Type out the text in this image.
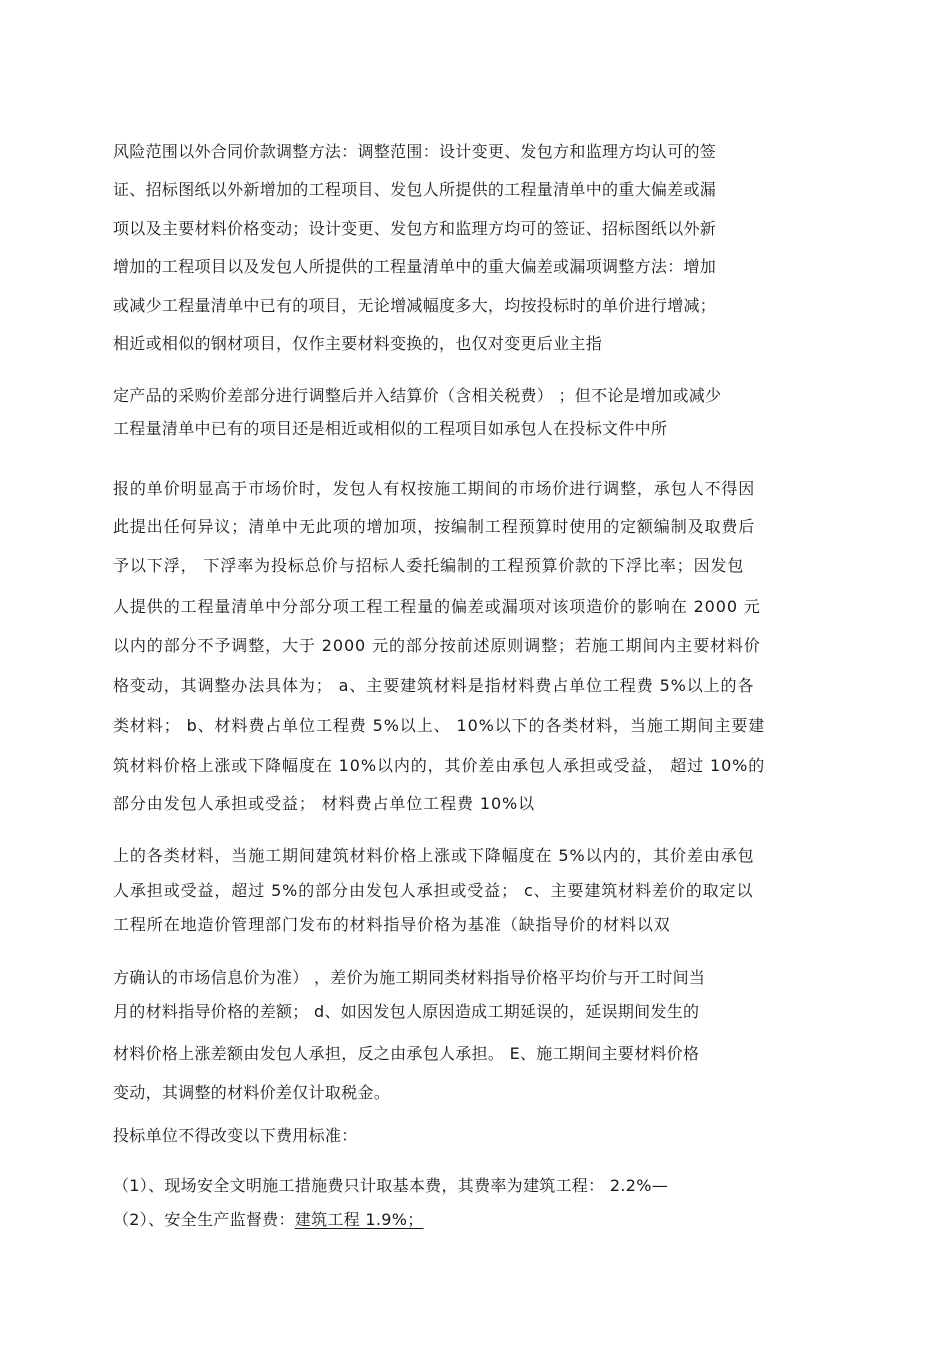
风险范围以外合同价款调整方法：调整范围：设计变更、发包方和监理方均认可的签
证、招标图纸以外新增加的工程项目、发包人所提供的工程量清单中的重大偏差或漏
项以及主要材料价格变动；设计变更、发包方和监理方均可的签证、招标图纸以外新
增加的工程项目以及发包人所提供的工程量清单中的重大偏差或漏项调整方法：增加
或减少工程量清单中已有的项目，无论增减幅度多大，均按投标时的单价进行增减；
相近或相似的钢材项目，仅作主要材料变换的，也仅对变更后业主指
定产品的采购价差部分进行调整后并入结算价（含相关税费） ；但不论是增加或减少
工程量清单中已有的项目还是相近或相似的工程项目如承包人在投标文件中所
报的单价明显高于市场价时，发包人有权按施工期间的市场价进行调整，承包人不得因
此提出任何异议；清单中无此项的增加项，按编制工程预算时使用的定额编制及取费后
予以下浮， 下浮率为投标总价与招标人委托编制的工程预算价款的下浮比率；因发包
人提供的工程量清单中分部分项工程工程量的偏差或漏项对该项造价的影响在 2000 元
以内的部分不予调整，大于 2000 元的部分按前述原则调整；若施工期间内主要材料价
格变动，其调整办法具体为； a、主要建筑材料是指材料费占单位工程费 5%以上的各
类材料； b、材料费占单位工程费 5%以上、 10%以下的各类材料，当施工期间主要建
筑材料价格上涨或下降幅度在 10%以内的，其价差由承包人承担或受益， 超过 10%的
部分由发包人承担或受益； 材料费占单位工程费 10%以
上的各类材料，当施工期间建筑材料价格上涨或下降幅度在 5%以内的，其价差由承包
人承担或受益，超过 5%的部分由发包人承担或受益； c、主要建筑材料差价的取定以
工程所在地造价管理部门发布的材料指导价格为基准（缺指导价的材料以双
方确认的市场信息价为准） ，差价为施工期同类材料指导价格平均价与开工时间当
月的材料指导价格的差额； d、如因发包人原因造成工期延误的，延误期间发生的
材料价格上涨差额由发包人承担，反之由承包人承担。 E、施工期间主要材料价格
变动，其调整的材料价差仅计取税金。
投标单位不得改变以下费用标准：
（1）、现场安全文明施工措施费只计取基本费，其费率为建筑工程： 2.2%—
（2）、安全生产监督费：建筑工程 1.9%；
